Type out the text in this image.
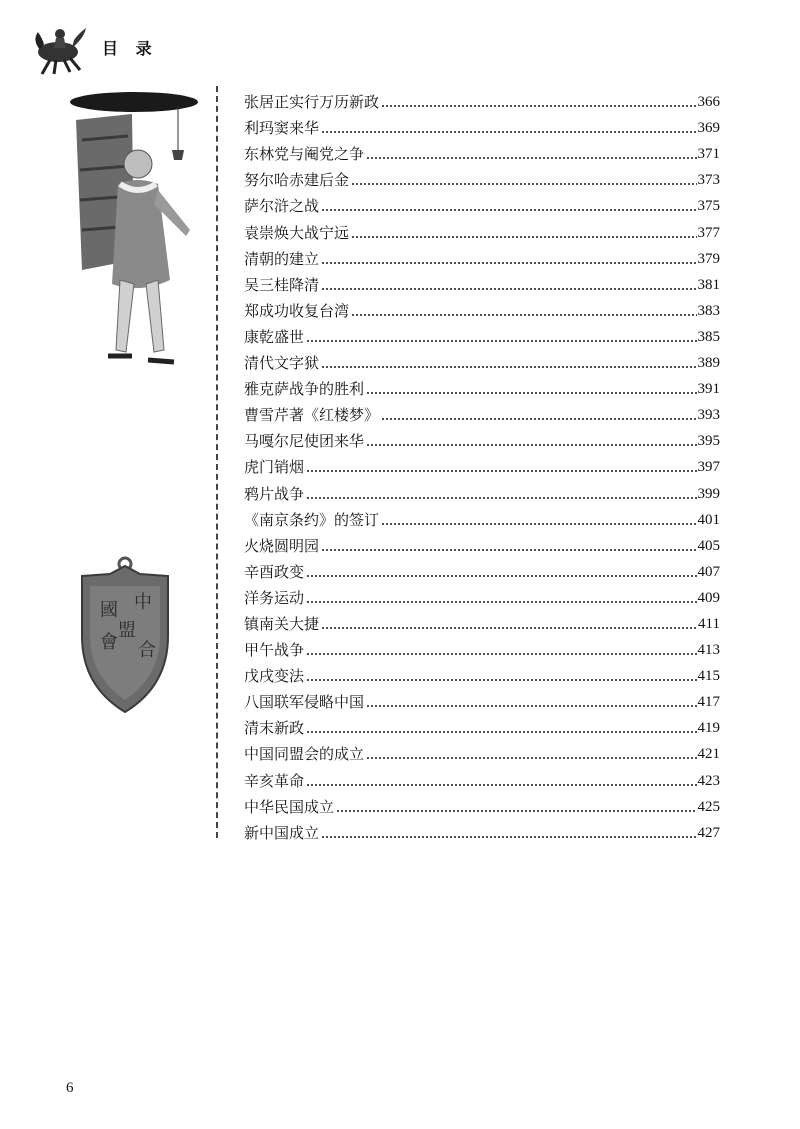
目 录
國 中
盟
會 合
张居正实行万历新政	366
利玛窦来华	369
东林党与阉党之争	371
努尔哈赤建后金	373
萨尔浒之战	375
袁崇焕大战宁远	377
清朝的建立	379
吴三桂降清	381
郑成功收复台湾	383
康乾盛世	385
清代文字狱	389
雅克萨战争的胜利	391
曹雪芹著《红楼梦》	393
马嘎尔尼使团来华	395
虎门销烟	397
鸦片战争	399
《南京条约》的签订	401
火烧圆明园	405
辛酉政变	407
洋务运动	409
镇南关大捷	411
甲午战争	413
戊戌变法	415
八国联军侵略中国	417
清末新政	419
中国同盟会的成立	421
辛亥革命	423
中华民国成立	425
新中国成立	427
6
